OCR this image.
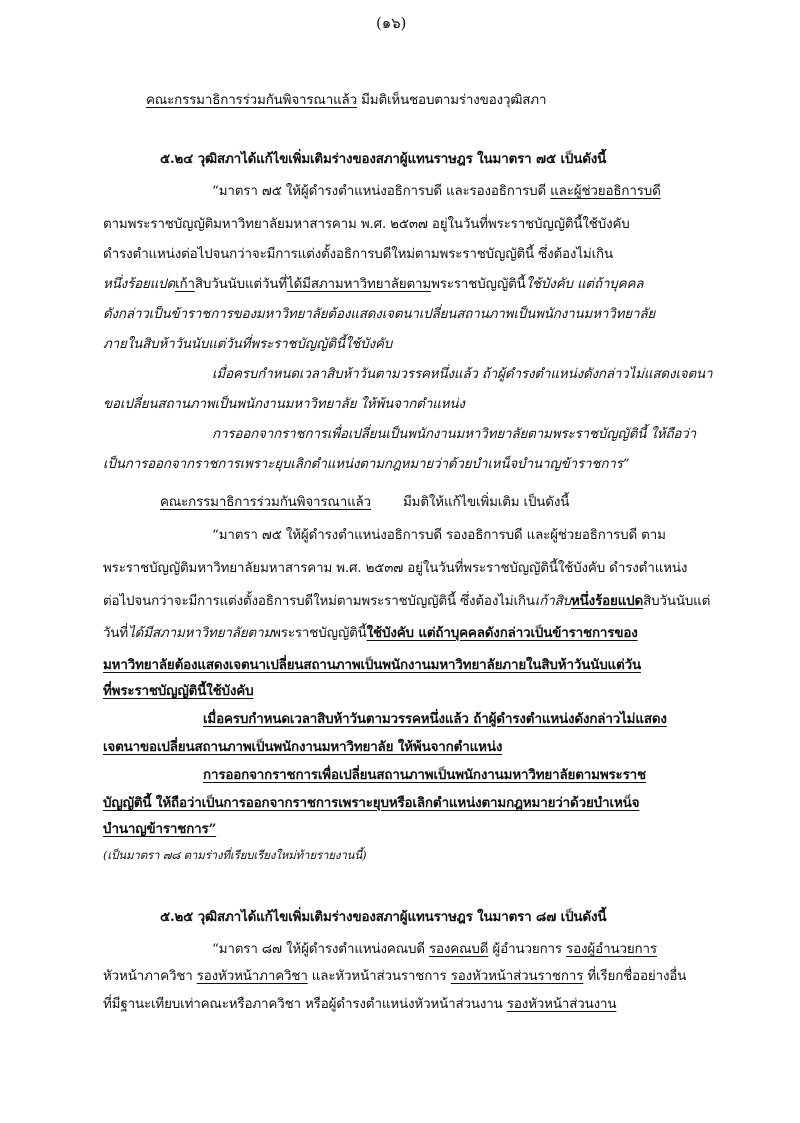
(๑๖)
คณะกรรมาธิการร่วมกันพิจารณาแล้ว มีมติเห็นชอบตามร่างของวุฒิสภา
๕.๒๔ วุฒิสภาได้แก้ไขเพิ่มเติมร่างของสภาผู้แทนราษฎร ในมาตรา ๗๕ เป็นดังนี้
“มาตรา ๗๕ ให้ผู้ดำรงตำแหน่งอธิการบดี และรองอธิการบดี และผู้ช่วยอธิการบดี
ตามพระราชบัญญัติมหาวิทยาลัยมหาสารคาม พ.ศ. ๒๕๓๗ อยู่ในวันที่พระราชบัญญัตินี้ใช้บังคับ
ดำรงตำแหน่งต่อไปจนกว่าจะมีการแต่งตั้งอธิการบดีใหม่ตามพระราชบัญญัตินี้ ซึ่งต้องไม่เกิน
หนึ่งร้อยแปดเก้าสิบวันนับแต่วันที่ได้มีสภามหาวิทยาลัยตามพระราชบัญญัตินี้ใช้บังคับ แต่ถ้าบุคคล
ดังกล่าวเป็นข้าราชการของมหาวิทยาลัยต้องแสดงเจตนาเปลี่ยนสถานภาพเป็นพนักงานมหาวิทยาลัย
ภายในสิบห้าวันนับแต่วันที่พระราชบัญญัตินี้ใช้บังคับ
เมื่อครบกำหนดเวลาสิบห้าวันตามวรรคหนึ่งแล้ว ถ้าผู้ดำรงตำแหน่งดังกล่าวไม่แสดงเจตนา
ขอเปลี่ยนสถานภาพเป็นพนักงานมหาวิทยาลัย ให้พ้นจากตำแหน่ง
การออกจากราชการเพื่อเปลี่ยนเป็นพนักงานมหาวิทยาลัยตามพระราชบัญญัตินี้ ให้ถือว่า
เป็นการออกจากราชการเพราะยุบเลิกตำแหน่งตามกฎหมายว่าด้วยบำเหน็จบำนาญข้าราชการ”
คณะกรรมาธิการร่วมกันพิจารณาแล้ว มีมติให้แก้ไขเพิ่มเติม เป็นดังนี้
“มาตรา ๗๕ ให้ผู้ดำรงตำแหน่งอธิการบดี รองอธิการบดี และผู้ช่วยอธิการบดี ตาม
พระราชบัญญัติมหาวิทยาลัยมหาสารคาม พ.ศ. ๒๕๓๗ อยู่ในวันที่พระราชบัญญัตินี้ใช้บังคับ ดำรงตำแหน่ง
ต่อไปจนกว่าจะมีการแต่งตั้งอธิการบดีใหม่ตามพระราชบัญญัตินี้ ซึ่งต้องไม่เกินเก้าสิบหนึ่งร้อยแปดสิบวันนับแต่
วันที่ได้มีสภามหาวิทยาลัยตามพระราชบัญญัตินี้ใช้บังคับ แต่ถ้าบุคคลดังกล่าวเป็นข้าราชการของ
มหาวิทยาลัยต้องแสดงเจตนาเปลี่ยนสถานภาพเป็นพนักงานมหาวิทยาลัยภายในสิบห้าวันนับแต่วัน
ที่พระราชบัญญัตินี้ใช้บังคับ
เมื่อครบกำหนดเวลาสิบห้าวันตามวรรคหนึ่งแล้ว ถ้าผู้ดำรงตำแหน่งดังกล่าวไม่แสดง
เจตนาขอเปลี่ยนสถานภาพเป็นพนักงานมหาวิทยาลัย ให้พ้นจากตำแหน่ง
การออกจากราชการเพื่อเปลี่ยนสถานภาพเป็นพนักงานมหาวิทยาลัยตามพระราช
บัญญัตินี้ ให้ถือว่าเป็นการออกจากราชการเพราะยุบหรือเลิกตำแหน่งตามกฎหมายว่าด้วยบำเหน็จ
บำนาญข้าราชการ”
(เป็นมาตรา ๗๘ ตามร่างที่เรียบเรียงใหม่ท้ายรายงานนี้)
๕.๒๕ วุฒิสภาได้แก้ไขเพิ่มเติมร่างของสภาผู้แทนราษฎร ในมาตรา ๘๗ เป็นดังนี้
“มาตรา ๘๗ ให้ผู้ดำรงตำแหน่งคณบดี รองคณบดี ผู้อำนวยการ รองผู้อำนวยการ
หัวหน้าภาควิชา รองหัวหน้าภาควิชา และหัวหน้าส่วนราชการ รองหัวหน้าส่วนราชการ ที่เรียกชื่ออย่างอื่น
ที่มีฐานะเทียบเท่าคณะหรือภาควิชา หรือผู้ดำรงตำแหน่งหัวหน้าส่วนงาน รองหัวหน้าส่วนงาน
